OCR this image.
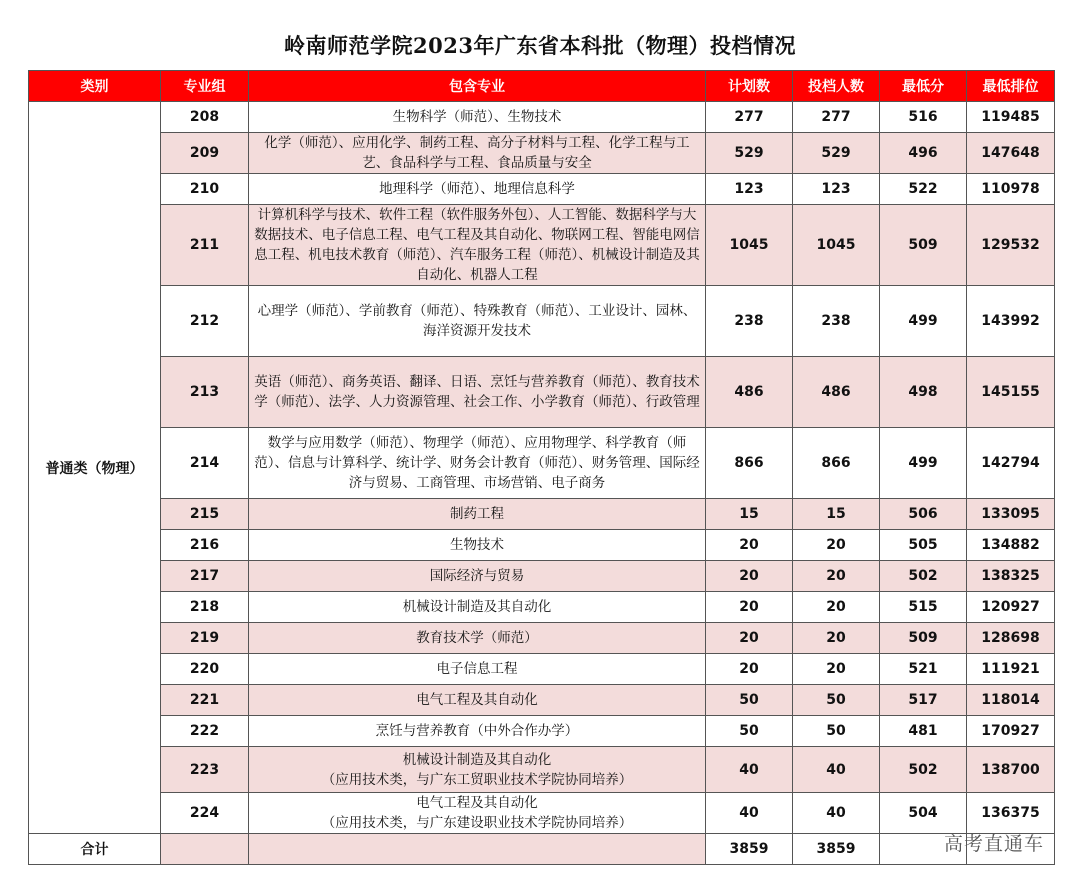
岭南师范学院2023年广东省本科批（物理）投档情况
类别	专业组	包含专业	计划数	投档人数	最低分	最低排位
普通类（物理）	208	生物科学（师范）、生物技术	277	277	516	119485
	209	化学（师范）、应用化学、制药工程、高分子材料与工程、化学工程与工艺、食品科学与工程、食品质量与安全	529	529	496	147648
	210	地理科学（师范）、地理信息科学	123	123	522	110978
	211	计算机科学与技术、软件工程（软件服务外包）、人工智能、数据科学与大数据技术、电子信息工程、电气工程及其自动化、物联网工程、智能电网信息工程、机电技术教育（师范）、汽车服务工程（师范）、机械设计制造及其自动化、机器人工程	1045	1045	509	129532
	212	心理学（师范）、学前教育（师范）、特殊教育（师范）、工业设计、园林、海洋资源开发技术	238	238	499	143992
	213	英语（师范）、商务英语、翻译、日语、烹饪与营养教育（师范）、教育技术学（师范）、法学、人力资源管理、社会工作、小学教育（师范）、行政管理	486	486	498	145155
	214	数学与应用数学（师范）、物理学（师范）、应用物理学、科学教育（师范）、信息与计算科学、统计学、财务会计教育（师范）、财务管理、国际经济与贸易、工商管理、市场营销、电子商务	866	866	499	142794
	215	制药工程	15	15	506	133095
	216	生物技术	20	20	505	134882
	217	国际经济与贸易	20	20	502	138325
	218	机械设计制造及其自动化	20	20	515	120927
	219	教育技术学（师范）	20	20	509	128698
	220	电子信息工程	20	20	521	111921
	221	电气工程及其自动化	50	50	517	118014
	222	烹饪与营养教育（中外合作办学）	50	50	481	170927
	223	机械设计制造及其自动化
（应用技术类，与广东工贸职业技术学院协同培养）	40	40	502	138700
	224	电气工程及其自动化
（应用技术类，与广东建设职业技术学院协同培养）	40	40	504	136375
合计			3859	3859			高考直通车
